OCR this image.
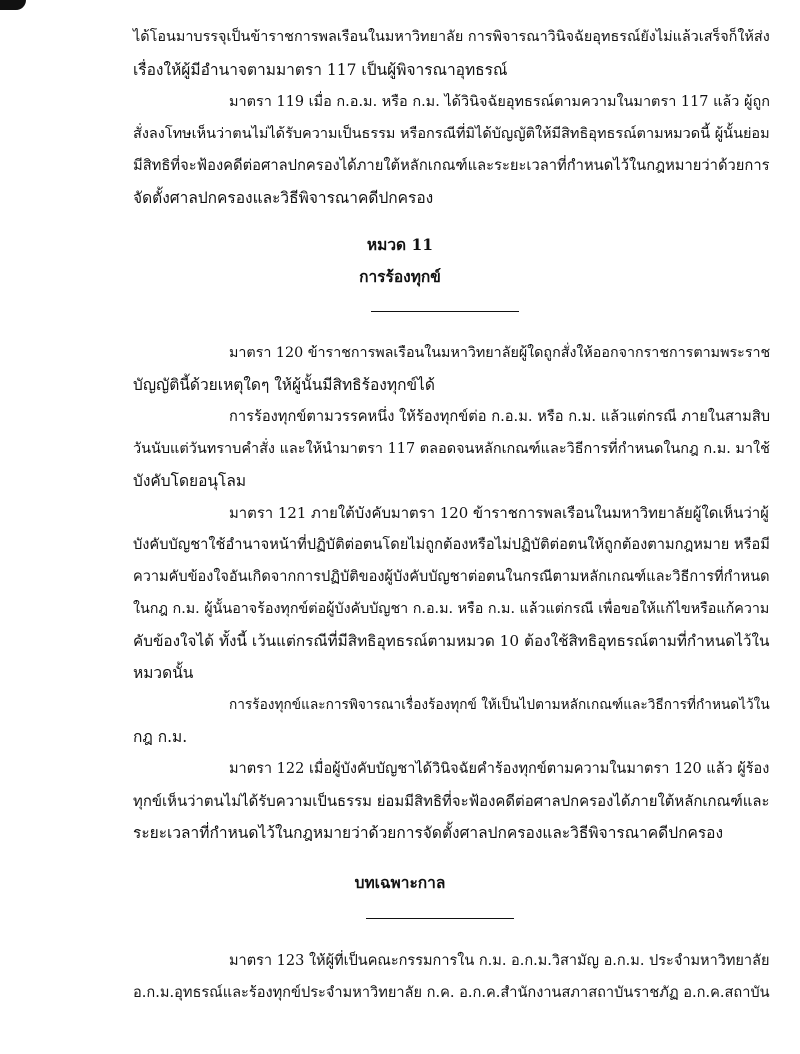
ได้โอนมาบรรจุเป็นข้าราชการพลเรือนในมหาวิทยาลัย การพิจารณาวินิจฉัยอุทธรณ์ยังไม่แล้วเสร็จก็ให้ส่ง
เรื่องให้ผู้มีอำนาจตามมาตรา 117 เป็นผู้พิจารณาอุทธรณ์
มาตรา 119 เมื่อ ก.อ.ม. หรือ ก.ม. ได้วินิจฉัยอุทธรณ์ตามความในมาตรา 117 แล้ว ผู้ถูก
สั่งลงโทษเห็นว่าตนไม่ได้รับความเป็นธรรม หรือกรณีที่มิได้บัญญัติให้มีสิทธิอุทธรณ์ตามหมวดนี้ ผู้นั้นย่อม
มีสิทธิที่จะฟ้องคดีต่อศาลปกครองได้ภายใต้หลักเกณฑ์และระยะเวลาที่กำหนดไว้ในกฎหมายว่าด้วยการ
จัดตั้งศาลปกครองและวิธีพิจารณาคดีปกครอง
หมวด 11
การร้องทุกข์
มาตรา 120 ข้าราชการพลเรือนในมหาวิทยาลัยผู้ใดถูกสั่งให้ออกจากราชการตามพระราช
บัญญัตินี้ด้วยเหตุใดๆ ให้ผู้นั้นมีสิทธิร้องทุกข์ได้
การร้องทุกข์ตามวรรคหนึ่ง ให้ร้องทุกข์ต่อ ก.อ.ม. หรือ ก.ม. แล้วแต่กรณี ภายในสามสิบ
วันนับแต่วันทราบคำสั่ง และให้นำมาตรา 117 ตลอดจนหลักเกณฑ์และวิธีการที่กำหนดในกฎ ก.ม. มาใช้
บังคับโดยอนุโลม
มาตรา 121 ภายใต้บังคับมาตรา 120 ข้าราชการพลเรือนในมหาวิทยาลัยผู้ใดเห็นว่าผู้
บังคับบัญชาใช้อำนาจหน้าที่ปฏิบัติต่อตนโดยไม่ถูกต้องหรือไม่ปฏิบัติต่อตนให้ถูกต้องตามกฎหมาย หรือมี
ความคับข้องใจอันเกิดจากการปฏิบัติของผู้บังคับบัญชาต่อตนในกรณีตามหลักเกณฑ์และวิธีการที่กำหนด
ในกฎ ก.ม. ผู้นั้นอาจร้องทุกข์ต่อผู้บังคับบัญชา ก.อ.ม. หรือ ก.ม. แล้วแต่กรณี เพื่อขอให้แก้ไขหรือแก้ความ
คับข้องใจได้ ทั้งนี้ เว้นแต่กรณีที่มีสิทธิอุทธรณ์ตามหมวด 10 ต้องใช้สิทธิอุทธรณ์ตามที่กำหนดไว้ใน
หมวดนั้น
การร้องทุกข์และการพิจารณาเรื่องร้องทุกข์ ให้เป็นไปตามหลักเกณฑ์และวิธีการที่กำหนดไว้ใน
กฎ ก.ม.
มาตรา 122 เมื่อผู้บังคับบัญชาได้วินิจฉัยคำร้องทุกข์ตามความในมาตรา 120 แล้ว ผู้ร้อง
ทุกข์เห็นว่าตนไม่ได้รับความเป็นธรรม ย่อมมีสิทธิที่จะฟ้องคดีต่อศาลปกครองได้ภายใต้หลักเกณฑ์และ
ระยะเวลาที่กำหนดไว้ในกฎหมายว่าด้วยการจัดตั้งศาลปกครองและวิธีพิจารณาคดีปกครอง
บทเฉพาะกาล
มาตรา 123 ให้ผู้ที่เป็นคณะกรรมการใน ก.ม. อ.ก.ม.วิสามัญ อ.ก.ม. ประจำมหาวิทยาลัย
อ.ก.ม.อุทธรณ์และร้องทุกข์ประจำมหาวิทยาลัย ก.ค. อ.ก.ค.สำนักงานสภาสถาบันราชภัฏ อ.ก.ค.สถาบัน
